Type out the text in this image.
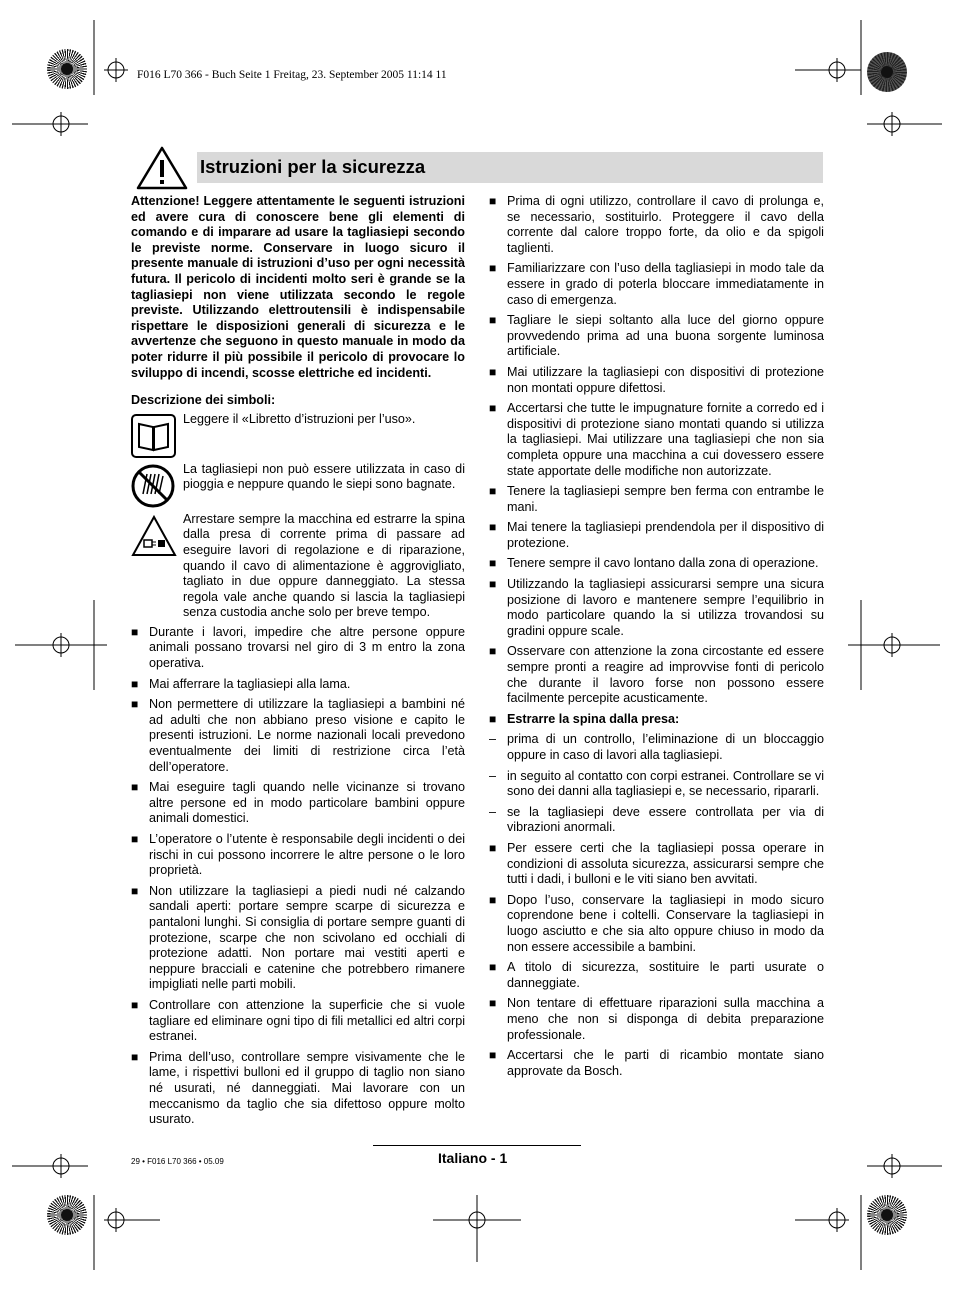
F016 L70 366 - Buch Seite 1 Freitag, 23. September 2005 11:14 11
Istruzioni per la sicurezza
Attenzione! Leggere attentamente le seguenti istruzioni ed avere cura di conoscere bene gli elementi di comando e di imparare ad usare la tagliasiepi secondo le previste norme. Conservare in luogo sicuro il presente manuale di istruzioni d’uso per ogni necessità futura. Il pericolo di incidenti molto seri è grande se la tagliasiepi non viene utilizzata secondo le regole previste. Utilizzando elettroutensili è indispensabile rispettare le disposizioni generali di sicurezza e le avvertenze che seguono in questo manuale in modo da poter ridurre il più possibile il pericolo di provocare lo sviluppo di incendi, scosse elettriche ed incidenti.
Descrizione dei simboli:
Leggere il «Libretto d’istruzioni per l’uso».
La tagliasiepi non può essere utilizzata in caso di pioggia e neppure quando le siepi sono bagnate.
Arrestare sempre la macchina ed estrarre la spina dalla presa di corrente prima di passare ad eseguire lavori di regolazione e di riparazione, quando il cavo di alimentazione è aggrovigliato, tagliato in due oppure danneggiato. La stessa regola vale anche quando si lascia la tagliasiepi senza custodia anche solo per breve tempo.
■ Durante i lavori, impedire che altre persone oppure animali possano trovarsi nel giro di 3 m entro la zona operativa.
■ Mai afferrare la tagliasiepi alla lama.
■ Non permettere di utilizzare la tagliasiepi a bambini né ad adulti che non abbiano preso visione e capito le presenti istruzioni. Le norme nazionali locali prevedono eventualmente dei limiti di restrizione circa l’età dell’operatore.
■ Mai eseguire tagli quando nelle vicinanze si trovano altre persone ed in modo particolare bambini oppure animali domestici.
■ L’operatore o l’utente è responsabile degli incidenti o dei rischi in cui possono incorrere le altre persone o le loro proprietà.
■ Non utilizzare la tagliasiepi a piedi nudi né calzando sandali aperti: portare sempre scarpe di sicurezza e pantaloni lunghi. Si consiglia di portare sempre guanti di protezione, scarpe che non scivolano ed occhiali di protezione adatti. Non portare mai vestiti aperti e neppure bracciali e catenine che potrebbero rimanere impigliati nelle parti mobili.
■ Controllare con attenzione la superficie che si vuole tagliare ed eliminare ogni tipo di fili metallici ed altri corpi estranei.
■ Prima dell’uso, controllare sempre visivamente che le lame, i rispettivi bulloni ed il gruppo di taglio non siano né usurati, né danneggiati. Mai lavorare con un meccanismo da taglio che sia difettoso oppure molto usurato.
■ Prima di ogni utilizzo, controllare il cavo di prolunga e, se necessario, sostituirlo. Proteggere il cavo della corrente dal calore troppo forte, da olio e da spigoli taglienti.
■ Familiarizzare con l’uso della tagliasiepi in modo tale da essere in grado di poterla bloccare immediatamente in caso di emergenza.
■ Tagliare le siepi soltanto alla luce del giorno oppure provvedendo prima ad una buona sorgente luminosa artificiale.
■ Mai utilizzare la tagliasiepi con dispositivi di protezione non montati oppure difettosi.
■ Accertarsi che tutte le impugnature fornite a corredo ed i dispositivi di protezione siano montati quando si utilizza la tagliasiepi. Mai utilizzare una tagliasiepi che non sia completa oppure una macchina a cui dovessero essere state apportate delle modifiche non autorizzate.
■ Tenere la tagliasiepi sempre ben ferma con entrambe le mani.
■ Mai tenere la tagliasiepi prendendola per il dispositivo di protezione.
■ Tenere sempre il cavo lontano dalla zona di operazione.
■ Utilizzando la tagliasiepi assicurarsi sempre una sicura posizione di lavoro e mantenere sempre l’equilibrio in modo particolare quando la si utilizza trovandosi su gradini oppure scale.
■ Osservare con attenzione la zona circostante ed essere sempre pronti a reagire ad improvvise fonti di pericolo che durante il lavoro forse non possono essere facilmente percepite acusticamente.
■ Estrarre la spina dalla presa:
– prima di un controllo, l’eliminazione di un bloccaggio oppure in caso di lavori alla tagliasiepi.
– in seguito al contatto con corpi estranei. Controllare se vi sono dei danni alla tagliasiepi e, se necessario, ripararli.
– se la tagliasiepi deve essere controllata per via di vibrazioni anormali.
■ Per essere certi che la tagliasiepi possa operare in condizioni di assoluta sicurezza, assicurarsi sempre che tutti i dadi, i bulloni e le viti siano ben avvitati.
■ Dopo l’uso, conservare la tagliasiepi in modo sicuro coprendone bene i coltelli. Conservare la tagliasiepi in luogo asciutto e che sia alto oppure chiuso in modo da non essere accessibile a bambini.
■ A titolo di sicurezza, sostituire le parti usurate o danneggiate.
■ Non tentare di effettuare riparazioni sulla macchina a meno che non si disponga di debita preparazione professionale.
■ Accertarsi che le parti di ricambio montate siano approvate da Bosch.
Italiano - 1
29 • F016 L70 366 • 05.09
